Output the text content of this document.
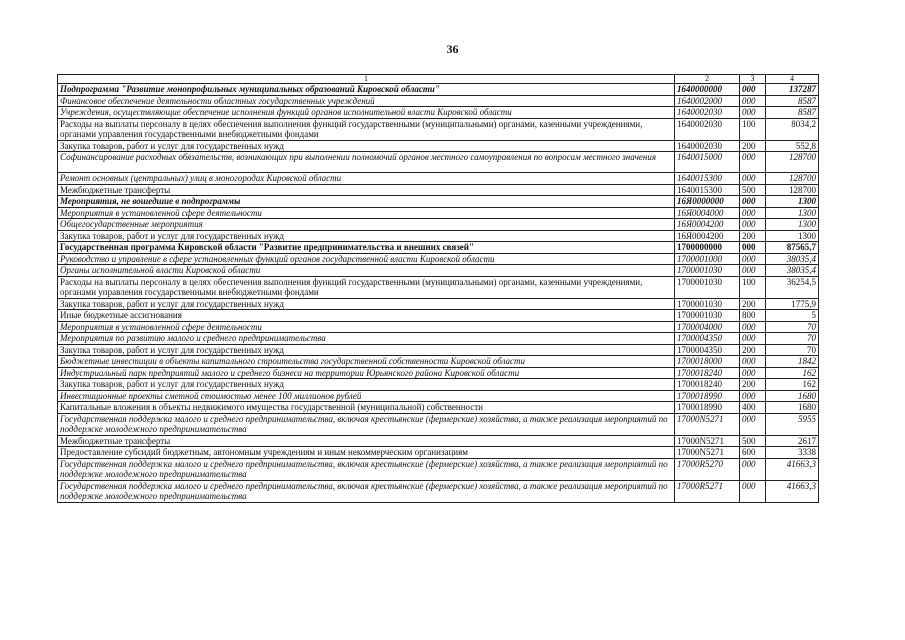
36
1	2	3	4
Подпрограмма "Развитие монопрофильных муниципальных образований Кировской области"	1640000000	000	137287
Финансовое обеспечение деятельности областных государственных учреждений	1640002000	000	8587
Учреждения, осуществляющие обеспечение исполнения функций органов исполнительной власти Кировской области	1640002030	000	8587
Расходы на выплаты персоналу в целях обеспечения выполнения функций государственными (муниципальными) органами, казенными учреждениями, органами управления государственными внебюджетными фондами	1640002030	100	8034,2
Закупка товаров, работ и услуг для государственных нужд	1640002030	200	552,8
Софинансирование расходных обязательств, возникающих при выполнении полномочий органов местного самоуправления по вопросам местного значения	1640015000	000	128700
Ремонт основных (центральных) улиц в моногородах Кировской области	1640015300	000	128700
Межбюджетные трансферты	1640015300	500	128700
Мероприятия, не вошедшие в подпрограммы	16Я0000000	000	1300
Мероприятия в установленной сфере деятельности	16Я0004000	000	1300
Общегосударственные мероприятия	16Я0004200	000	1300
Закупка товаров, работ и услуг для государственных нужд	16Я0004200	200	1300
Государственная программа Кировской области "Развитие предпринимательства и внешних связей"	1700000000	000	87565,7
Руководство и управление в сфере установленных функций органов государственной власти Кировской области	1700001000	000	38035,4
Органы исполнительной власти Кировской области	1700001030	000	38035,4
Расходы на выплаты персоналу в целях обеспечения выполнения функций государственными (муниципальными) органами, казенными учреждениями, органами управления государственными внебюджетными фондами	1700001030	100	36254,5
Закупка товаров, работ и услуг для государственных нужд	1700001030	200	1775,9
Иные бюджетные ассигнования	1700001030	800	5
Мероприятия в установленной сфере деятельности	1700004000	000	70
Мероприятия по развитию малого и среднего предпринимательства	1700004350	000	70
Закупка товаров, работ и услуг для государственных нужд	1700004350	200	70
Бюджетные инвестиции в объекты капитального строительства государственной собственности Кировской области	1700018000	000	1842
Индустриальный парк предприятий малого и среднего бизнеса на территории Юрьянского района Кировской области	1700018240	000	162
Закупка товаров, работ и услуг для государственных нужд	1700018240	200	162
Инвестиционные проекты сметной стоимостью менее 100 миллионов рублей	1700018990	000	1680
Капитальные вложения в объекты недвижимого имущества государственной (муниципальной) собственности	1700018990	400	1680
Государственная поддержка малого и среднего предпринимательства, включая крестьянские (фермерские) хозяйства, а также реализация мероприятий по поддержке молодежного предпринимательства	17000N5271	000	5955
Межбюджетные трансферты	17000N5271	500	2617
Предоставление субсидий бюджетным, автономным учреждениям и иным некоммерческим организациям	17000N5271	600	3338
Государственная поддержка малого и среднего предпринимательства, включая крестьянские (фермерские) хозяйства, а также реализация мероприятий по поддержке молодежного предпринимательства	17000R5270	000	41663,3
Государственная поддержка малого и среднего предпринимательства, включая крестьянские (фермерские) хозяйства, а также реализация мероприятий по поддержке молодежного предпринимательства	17000R5271	000	41663,3
